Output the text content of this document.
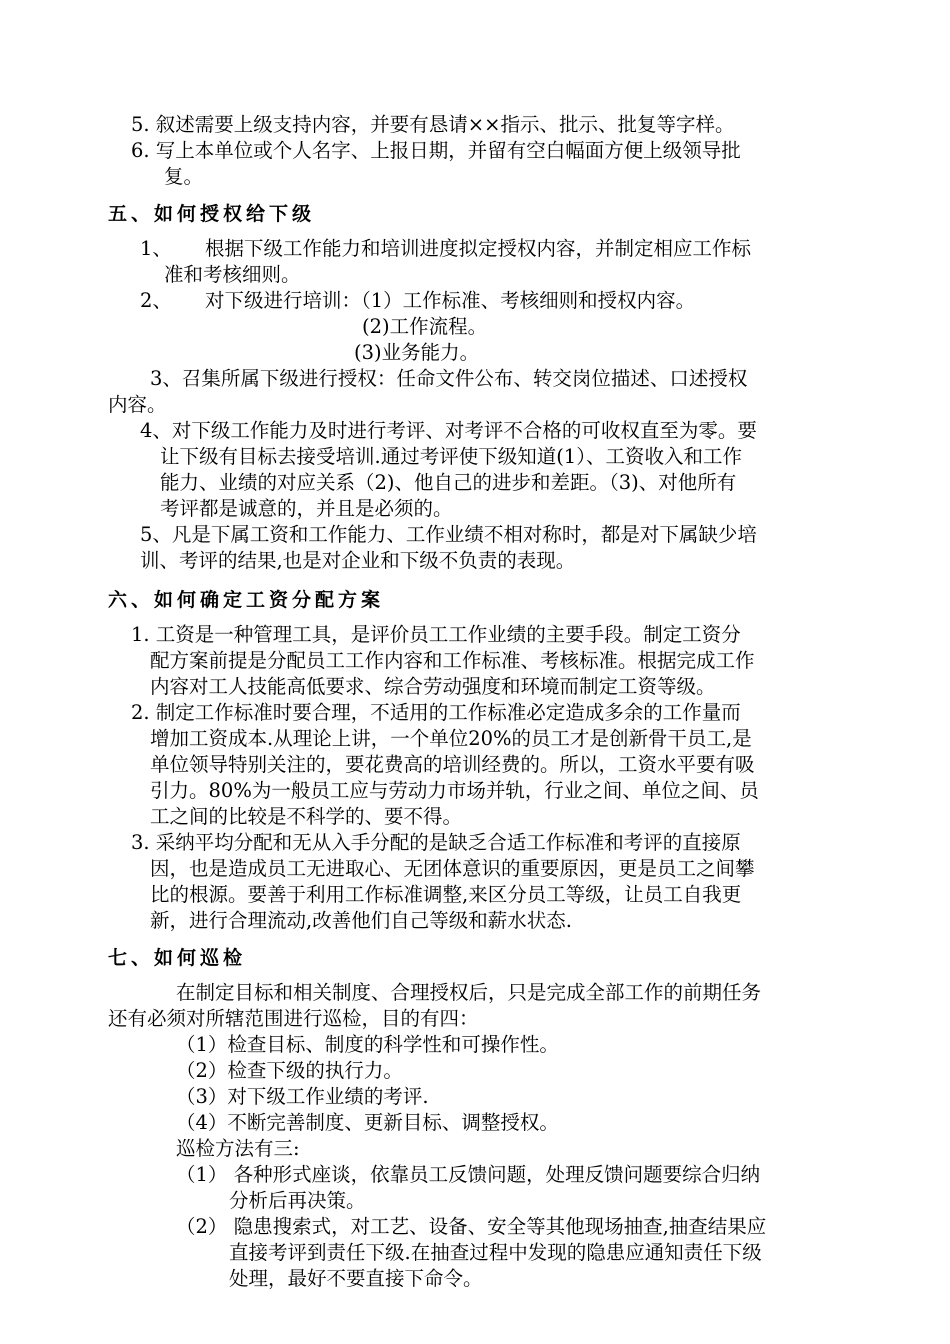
5. 叙述需要上级支持内容，并要有恳请××指示、批示、批复等字样。
6. 写上本单位或个人名字、上报日期，并留有空白幅面方便上级领导批
复。
五、如何授权给下级
1、 根据下级工作能力和培训进度拟定授权内容，并制定相应工作标
准和考核细则。
2、 对下级进行培训：（1）工作标准、考核细则和授权内容。
(2)工作流程。
(3)业务能力。
3、召集所属下级进行授权：任命文件公布、转交岗位描述、口述授权
内容。
4、对下级工作能力及时进行考评、对考评不合格的可收权直至为零。要
让下级有目标去接受培训.通过考评使下级知道(1）、工资收入和工作
能力、业绩的对应关系（2)、他自己的进步和差距。（3)、对他所有
考评都是诚意的，并且是必须的。
5、凡是下属工资和工作能力、工作业绩不相对称时，都是对下属缺少培
训、考评的结果,也是对企业和下级不负责的表现。
六、如何确定工资分配方案
1. 工资是一种管理工具，是评价员工工作业绩的主要手段。制定工资分
配方案前提是分配员工工作内容和工作标准、考核标准。根据完成工作
内容对工人技能高低要求、综合劳动强度和环境而制定工资等级。
2. 制定工作标准时要合理，不适用的工作标准必定造成多余的工作量而
增加工资成本.从理论上讲，一个单位20%的员工才是创新骨干员工,是
单位领导特别关注的，要花费高的培训经费的。所以，工资水平要有吸
引力。80%为一般员工应与劳动力市场并轨，行业之间、单位之间、员
工之间的比较是不科学的、要不得。
3. 采纳平均分配和无从入手分配的是缺乏合适工作标准和考评的直接原
因，也是造成员工无进取心、无团体意识的重要原因，更是员工之间攀
比的根源。要善于利用工作标准调整,来区分员工等级，让员工自我更
新，进行合理流动,改善他们自己等级和薪水状态.
七、如何巡检
在制定目标和相关制度、合理授权后，只是完成全部工作的前期任务
还有必须对所辖范围进行巡检，目的有四：
（1）检查目标、制度的科学性和可操作性。
（2）检查下级的执行力。
（3）对下级工作业绩的考评.
（4）不断完善制度、更新目标、调整授权。
巡检方法有三:
（1） 各种形式座谈，依靠员工反馈问题，处理反馈问题要综合归纳
分析后再决策。
（2） 隐患搜索式，对工艺、设备、安全等其他现场抽查,抽查结果应
直接考评到责任下级.在抽查过程中发现的隐患应通知责任下级
处理，最好不要直接下命令。
